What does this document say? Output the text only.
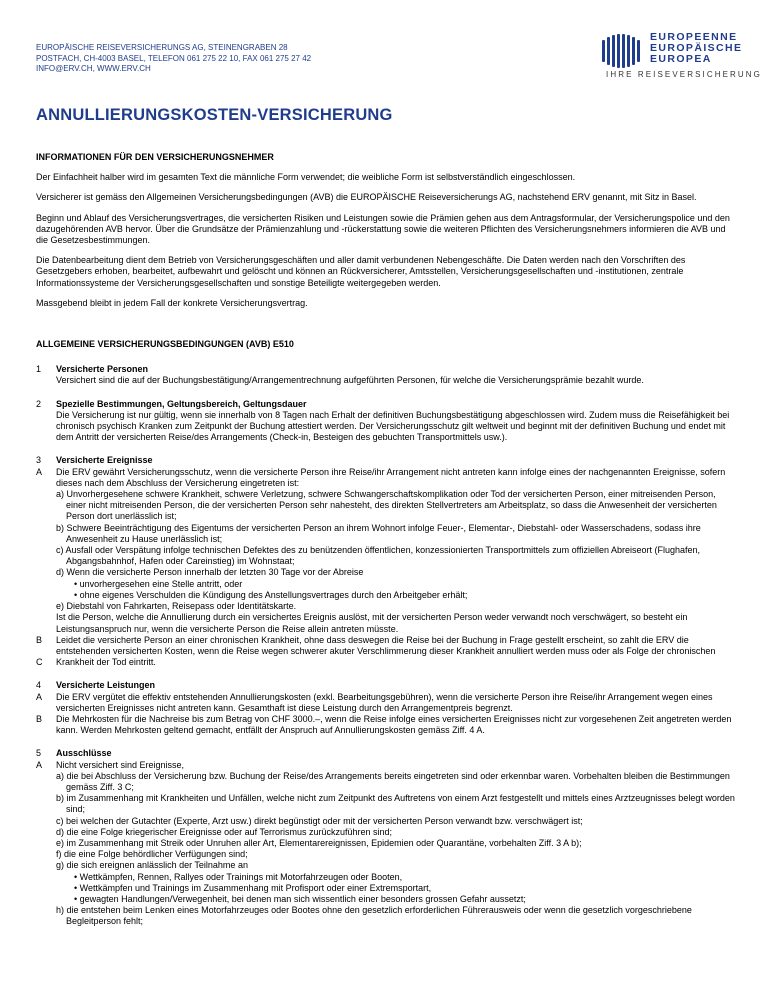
EUROPÄISCHE REISEVERSICHERUNGS AG, STEINENGRABEN 28
POSTFACH, CH-4003 BASEL, TELEFON 061 275 22 10, FAX 061 275 27 42
INFO@ERV.CH, WWW.ERV.CH
EUROPEENNE
EUROPÄISCHE
EUROPEA
IHRE REISEVERSICHERUNG
ANNULLIERUNGSKOSTEN-VERSICHERUNG

INFORMATIONEN FÜR DEN VERSICHERUNGSNEHMER

Der Einfachheit halber wird im gesamten Text die männliche Form verwendet; die weibliche Form ist selbstverständlich eingeschlossen.

Versicherer ist gemäss den Allgemeinen Versicherungsbedingungen (AVB) die EUROPÄISCHE Reiseversicherungs AG, nachstehend ERV genannt, mit Sitz in Basel.

Beginn und Ablauf des Versicherungsvertrages, die versicherten Risiken und Leistungen sowie die Prämien gehen aus dem Antragsformular, der Versicherungspolice und den dazugehörenden AVB hervor. Über die Grundsätze der Prämienzahlung und -rückerstattung sowie die weiteren Pflichten des Versicherungsnehmers informieren die AVB und die Gesetzesbestimmungen.

Die Datenbearbeitung dient dem Betrieb von Versicherungsgeschäften und aller damit verbundenen Nebengeschäfte. Die Daten werden nach den Vorschriften des Gesetzgebers erhoben, bearbeitet, aufbewahrt und gelöscht und können an Rückversicherer, Amtsstellen, Versicherungsgesellschaften und -institutionen, zentrale Informationssysteme der Versicherungsgesellschaften und sonstige Beteiligte weitergegeben werden.

Massgebend bleibt in jedem Fall der konkrete Versicherungsvertrag.

ALLGEMEINE VERSICHERUNGSBEDINGUNGEN (AVB) E510

1	Versicherte Personen
Versichert sind die auf der Buchungsbestätigung/Arrangementrechnung aufgeführten Personen, für welche die Versicherungsprämie bezahlt wurde.
2	Spezielle Bestimmungen, Geltungsbereich, Geltungsdauer
Die Versicherung ist nur gültig, wenn sie innerhalb von 8 Tagen nach Erhalt der definitiven Buchungsbestätigung abgeschlossen wird. Zudem muss die Reisefähigkeit bei chronisch psychisch Kranken zum Zeitpunkt der Buchung attestiert werden. Der Versicherungsschutz gilt weltweit und beginnt mit der definitiven Buchung und endet mit dem Antritt der versicherten Reise/des Arrangements (Check-in, Besteigen des gebuchten Transportmittels usw.).
3
A
B
C
Versicherte Ereignisse
Die ERV gewährt Versicherungsschutz, wenn die versicherte Person ihre Reise/ihr Arrangement nicht antreten kann infolge eines der nachgenannten Ereignisse, sofern dieses nach dem Abschluss der Versicherung eingetreten ist:
a) Unvorhergesehene schwere Krankheit, schwere Verletzung, schwere Schwangerschaftskomplikation oder Tod der versicherten Person, einer mitreisenden Person, einer nicht mitreisenden Person, die der versicherten Person sehr nahesteht, des direkten Stellvertreters am Arbeitsplatz, so dass die Anwesenheit der versicherten Person dort unerlässlich ist;
b) Schwere Beeinträchtigung des Eigentums der versicherten Person an ihrem Wohnort infolge Feuer-, Elementar-, Diebstahl- oder Wasserschadens, sodass ihre Anwesenheit zu Hause unerlässlich ist;
c) Ausfall oder Verspätung infolge technischen Defektes des zu benützenden öffentlichen, konzessionierten Transportmittels zum offiziellen Abreiseort (Flughafen, Abgangsbahnhof, Hafen oder Careinstieg) im Wohnstaat;
d) Wenn die versicherte Person innerhalb der letzten 30 Tage vor der Abreise
• unvorhergesehen eine Stelle antritt, oder
• ohne eigenes Verschulden die Kündigung des Anstellungsvertrages durch den Arbeitgeber erhält;
e) Diebstahl von Fahrkarten, Reisepass oder Identitätskarte.
Ist die Person, welche die Annullierung durch ein versichertes Ereignis auslöst, mit der versicherten Person weder verwandt noch verschwägert, so besteht ein Leistungsanspruch nur, wenn die versicherte Person die Reise allein antreten müsste.
Leidet die versicherte Person an einer chronischen Krankheit, ohne dass deswegen die Reise bei der Buchung in Frage gestellt erscheint, so zahlt die ERV die entstehenden versicherten Kosten, wenn die Reise wegen schwerer akuter Verschlimmerung dieser Krankheit annulliert werden muss oder als Folge der chronischen Krankheit der Tod eintritt.
4
A
B
Versicherte Leistungen
Die ERV vergütet die effektiv entstehenden Annullierungskosten (exkl. Bearbeitungsgebühren), wenn die versicherte Person ihre Reise/ihr Arrangement wegen eines versicherten Ereignisses nicht antreten kann. Gesamthaft ist diese Leistung durch den Arrangementpreis begrenzt.
Die Mehrkosten für die Nachreise bis zum Betrag von CHF 3000.–, wenn die Reise infolge eines versicherten Ereignisses nicht zur vorgesehenen Zeit angetreten werden kann. Werden Mehrkosten geltend gemacht, entfällt der Anspruch auf Annullierungskosten gemäss Ziff. 4 A.
5
A
Ausschlüsse
Nicht versichert sind Ereignisse,
a) die bei Abschluss der Versicherung bzw. Buchung der Reise/des Arrangements bereits eingetreten sind oder erkennbar waren. Vorbehalten bleiben die Bestimmungen gemäss Ziff. 3 C;
b) im Zusammenhang mit Krankheiten und Unfällen, welche nicht zum Zeitpunkt des Auftretens von einem Arzt festgestellt und mittels eines Arztzeugnisses belegt worden sind;
c) bei welchen der Gutachter (Experte, Arzt usw.) direkt begünstigt oder mit der versicherten Person verwandt bzw. verschwägert ist;
d) die eine Folge kriegerischer Ereignisse oder auf Terrorismus zurückzuführen sind;
e) im Zusammenhang mit Streik oder Unruhen aller Art, Elementarereignissen, Epidemien oder Quarantäne, vorbehalten Ziff. 3 A b);
f) die eine Folge behördlicher Verfügungen sind;
g) die sich ereignen anlässlich der Teilnahme an
• Wettkämpfen, Rennen, Rallyes oder Trainings mit Motorfahrzeugen oder Booten,
• Wettkämpfen und Trainings im Zusammenhang mit Profisport oder einer Extremsportart,
• gewagten Handlungen/Verwegenheit, bei denen man sich wissentlich einer besonders grossen Gefahr aussetzt;
h) die entstehen beim Lenken eines Motorfahrzeuges oder Bootes ohne den gesetzlich erforderlichen Führerausweis oder wenn die gesetzlich vorgeschriebene Begleitperson fehlt;
